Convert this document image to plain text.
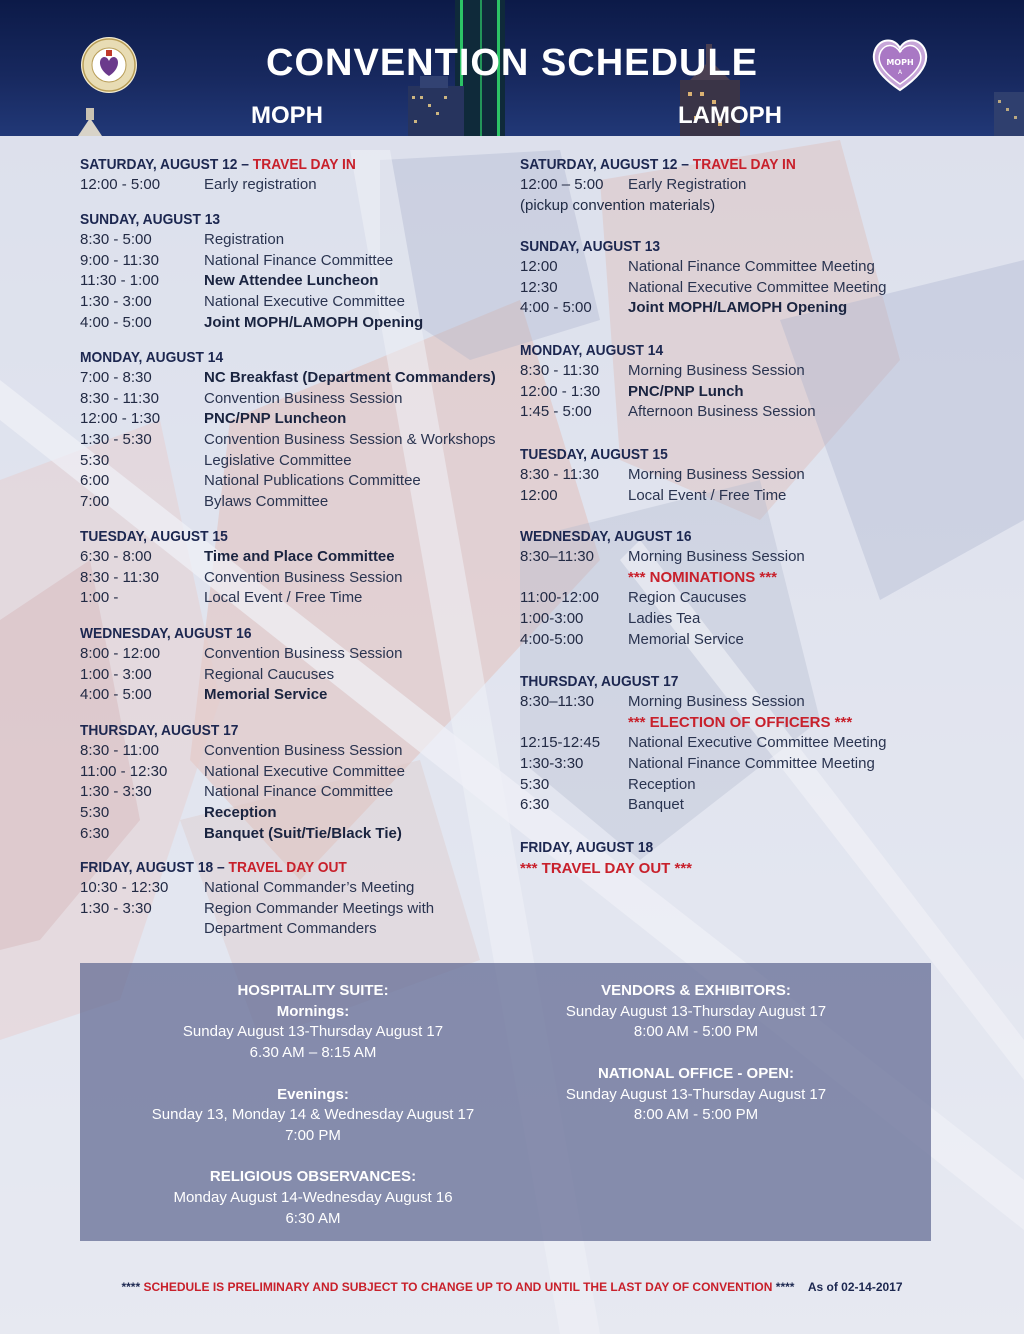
L
MOPH
A
CONVENTION SCHEDULE
MOPH	LAMOPH
SATURDAY, AUGUST 12 – TRAVEL DAY IN
12:00 - 5:00	Early registration
SUNDAY, AUGUST 13
8:30 - 5:00	Registration
9:00 - 11:30	National Finance Committee
11:30 - 1:00	New Attendee Luncheon
1:30 - 3:00	National Executive Committee
4:00 - 5:00	Joint MOPH/LAMOPH Opening
MONDAY, AUGUST 14
7:00 - 8:30	NC Breakfast (Department Commanders)
8:30 - 11:30	Convention Business Session
12:00 - 1:30	PNC/PNP Luncheon
1:30 - 5:30	Convention Business Session & Workshops
5:30	Legislative Committee
6:00	National Publications Committee
7:00	Bylaws Committee
TUESDAY, AUGUST 15
6:30 - 8:00	Time and Place Committee
8:30 - 11:30	Convention Business Session
1:00 -	Local Event / Free Time
WEDNESDAY, AUGUST 16
8:00 - 12:00	Convention Business Session
1:00 - 3:00	Regional Caucuses
4:00 - 5:00	Memorial Service
THURSDAY, AUGUST 17
8:30 - 11:00	Convention Business Session
11:00 - 12:30	National Executive Committee
1:30 - 3:30	National Finance Committee
5:30	Reception
6:30	Banquet (Suit/Tie/Black Tie)
FRIDAY, AUGUST 18 – TRAVEL DAY OUT
10:30 - 12:30	National Commander’s Meeting
1:30 - 3:30	Region Commander Meetings with Department Commanders
SATURDAY, AUGUST 12 – TRAVEL DAY IN
12:00 – 5:00	Early Registration
(pickup convention materials)
SUNDAY, AUGUST 13
12:00	National Finance Committee Meeting
12:30	National Executive Committee Meeting
4:00 - 5:00	Joint MOPH/LAMOPH Opening
MONDAY, AUGUST 14
8:30 - 11:30	Morning Business Session
12:00 - 1:30	PNC/PNP Lunch
1:45 - 5:00	Afternoon Business Session
TUESDAY, AUGUST 15
8:30 - 11:30	Morning Business Session
12:00	Local Event / Free Time
WEDNESDAY, AUGUST 16
8:30–11:30	Morning Business Session
*** NOMINATIONS ***
11:00-12:00	Region Caucuses
1:00-3:00	Ladies Tea
4:00-5:00	Memorial Service
THURSDAY, AUGUST 17
8:30–11:30	Morning Business Session
*** ELECTION OF OFFICERS ***
12:15-12:45	National Executive Committee Meeting
1:30-3:30	National Finance Committee Meeting
5:30	Reception
6:30	Banquet
FRIDAY, AUGUST 18
*** TRAVEL DAY OUT ***
HOSPITALITY SUITE:
Mornings:
Sunday August 13-Thursday August 17
6.30 AM – 8:15 AM
Evenings:
Sunday 13, Monday 14 & Wednesday August 17
7:00 PM
RELIGIOUS OBSERVANCES:
Monday August 14-Wednesday August 16
6:30 AM
VENDORS & EXHIBITORS:
Sunday August 13-Thursday August 17
8:00 AM - 5:00 PM
NATIONAL OFFICE - OPEN:
Sunday August 13-Thursday August 17
8:00 AM - 5:00 PM
**** SCHEDULE IS PRELIMINARY AND SUBJECT TO CHANGE UP TO AND UNTIL THE LAST DAY OF CONVENTION **** As of 02-14-2017
